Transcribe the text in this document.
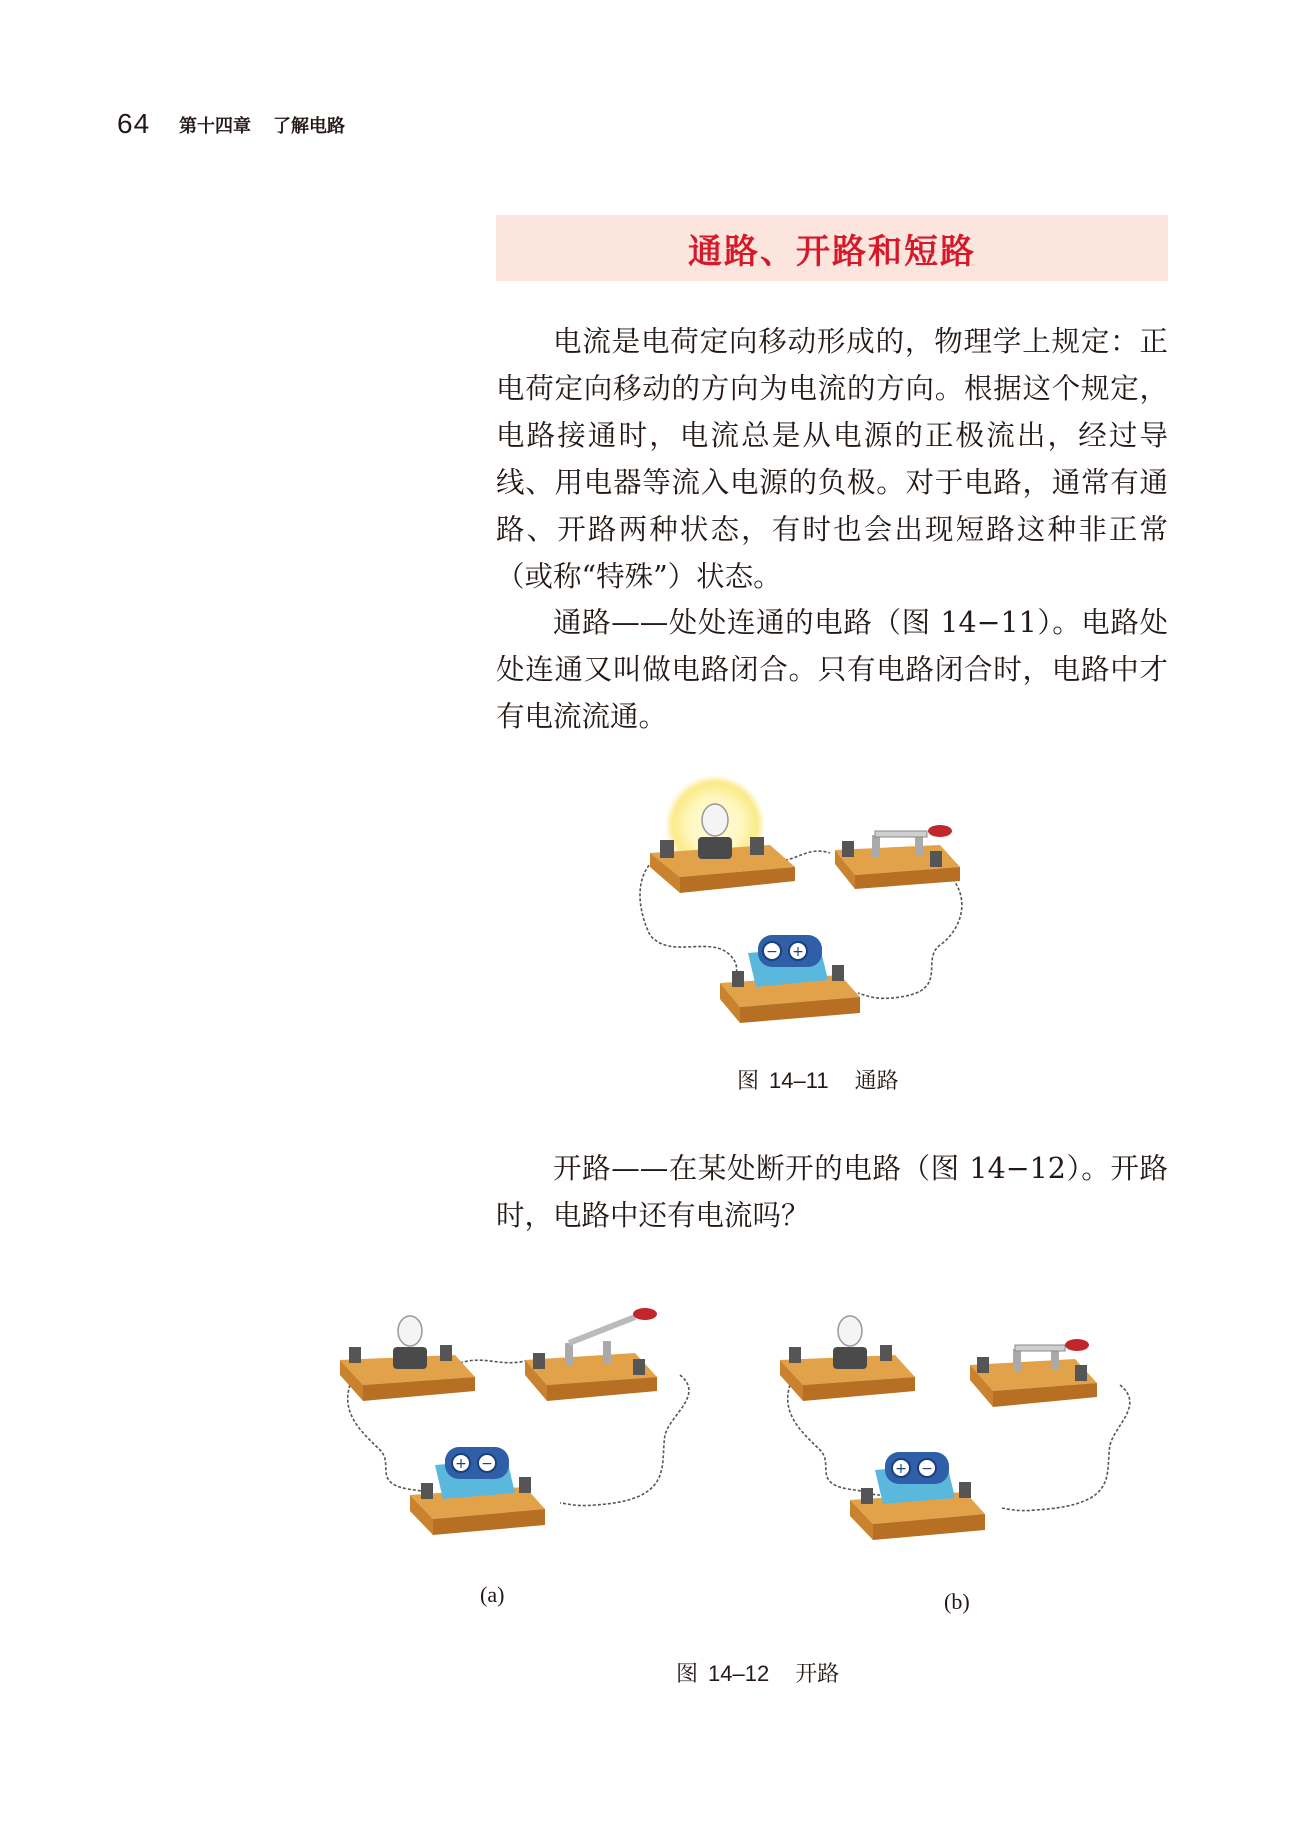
64 第十四章 了解电路
通路、开路和短路

电流是电荷定向移动形成的，物理学上规定：正电荷定向移动的方向为电流的方向。根据这个规定，电路接通时，电流总是从电源的正极流出，经过导线、用电器等流入电源的负极。对于电路，通常有通路、开路两种状态，有时也会出现短路这种非正常（或称“特殊”）状态。

通路——处处连通的电路（图 14−11）。电路处处连通又叫做电路闭合。只有电路闭合时，电路中才有电流流通。

− +
图 14–11 通路

开路——在某处断开的电路（图 14−12）。开路时，电路中还有电流吗？

+ −	+ −
(a)	(b)
图 14–12 开路
